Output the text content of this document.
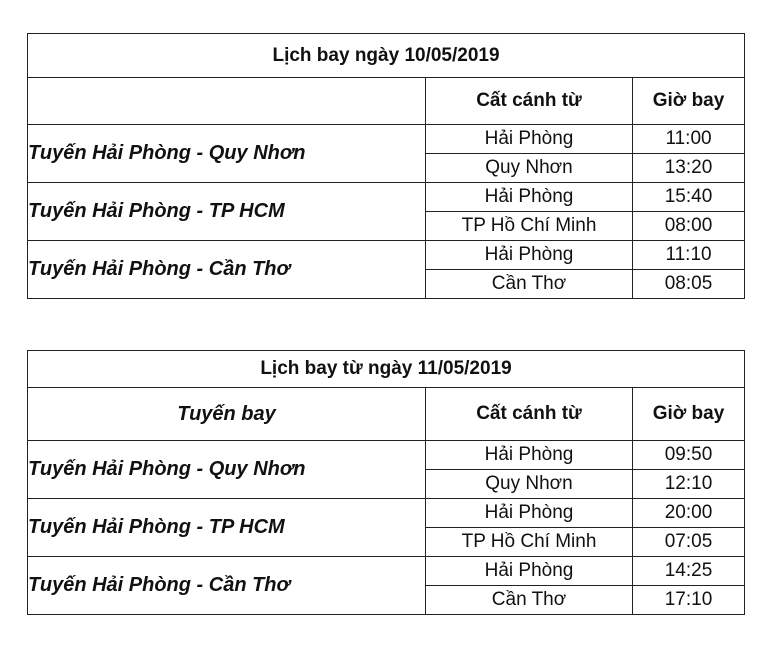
Lịch bay ngày 10/05/2019		
	Cất cánh từ	Giờ bay
Tuyến Hải Phòng - Quy Nhơn	Hải Phòng	11:00
	Quy Nhơn	13:20
Tuyến Hải Phòng - TP HCM	Hải Phòng	15:40
	TP Hồ Chí Minh	08:00
Tuyến Hải Phòng - Cần Thơ	Hải Phòng	11:10
	Cần Thơ	08:05
Lịch bay từ ngày 11/05/2019		
Tuyến bay	Cất cánh từ	Giờ bay
Tuyến Hải Phòng - Quy Nhơn	Hải Phòng	09:50
	Quy Nhơn	12:10
Tuyến Hải Phòng - TP HCM	Hải Phòng	20:00
	TP Hồ Chí Minh	07:05
Tuyến Hải Phòng - Cần Thơ	Hải Phòng	14:25
	Cần Thơ	17:10
